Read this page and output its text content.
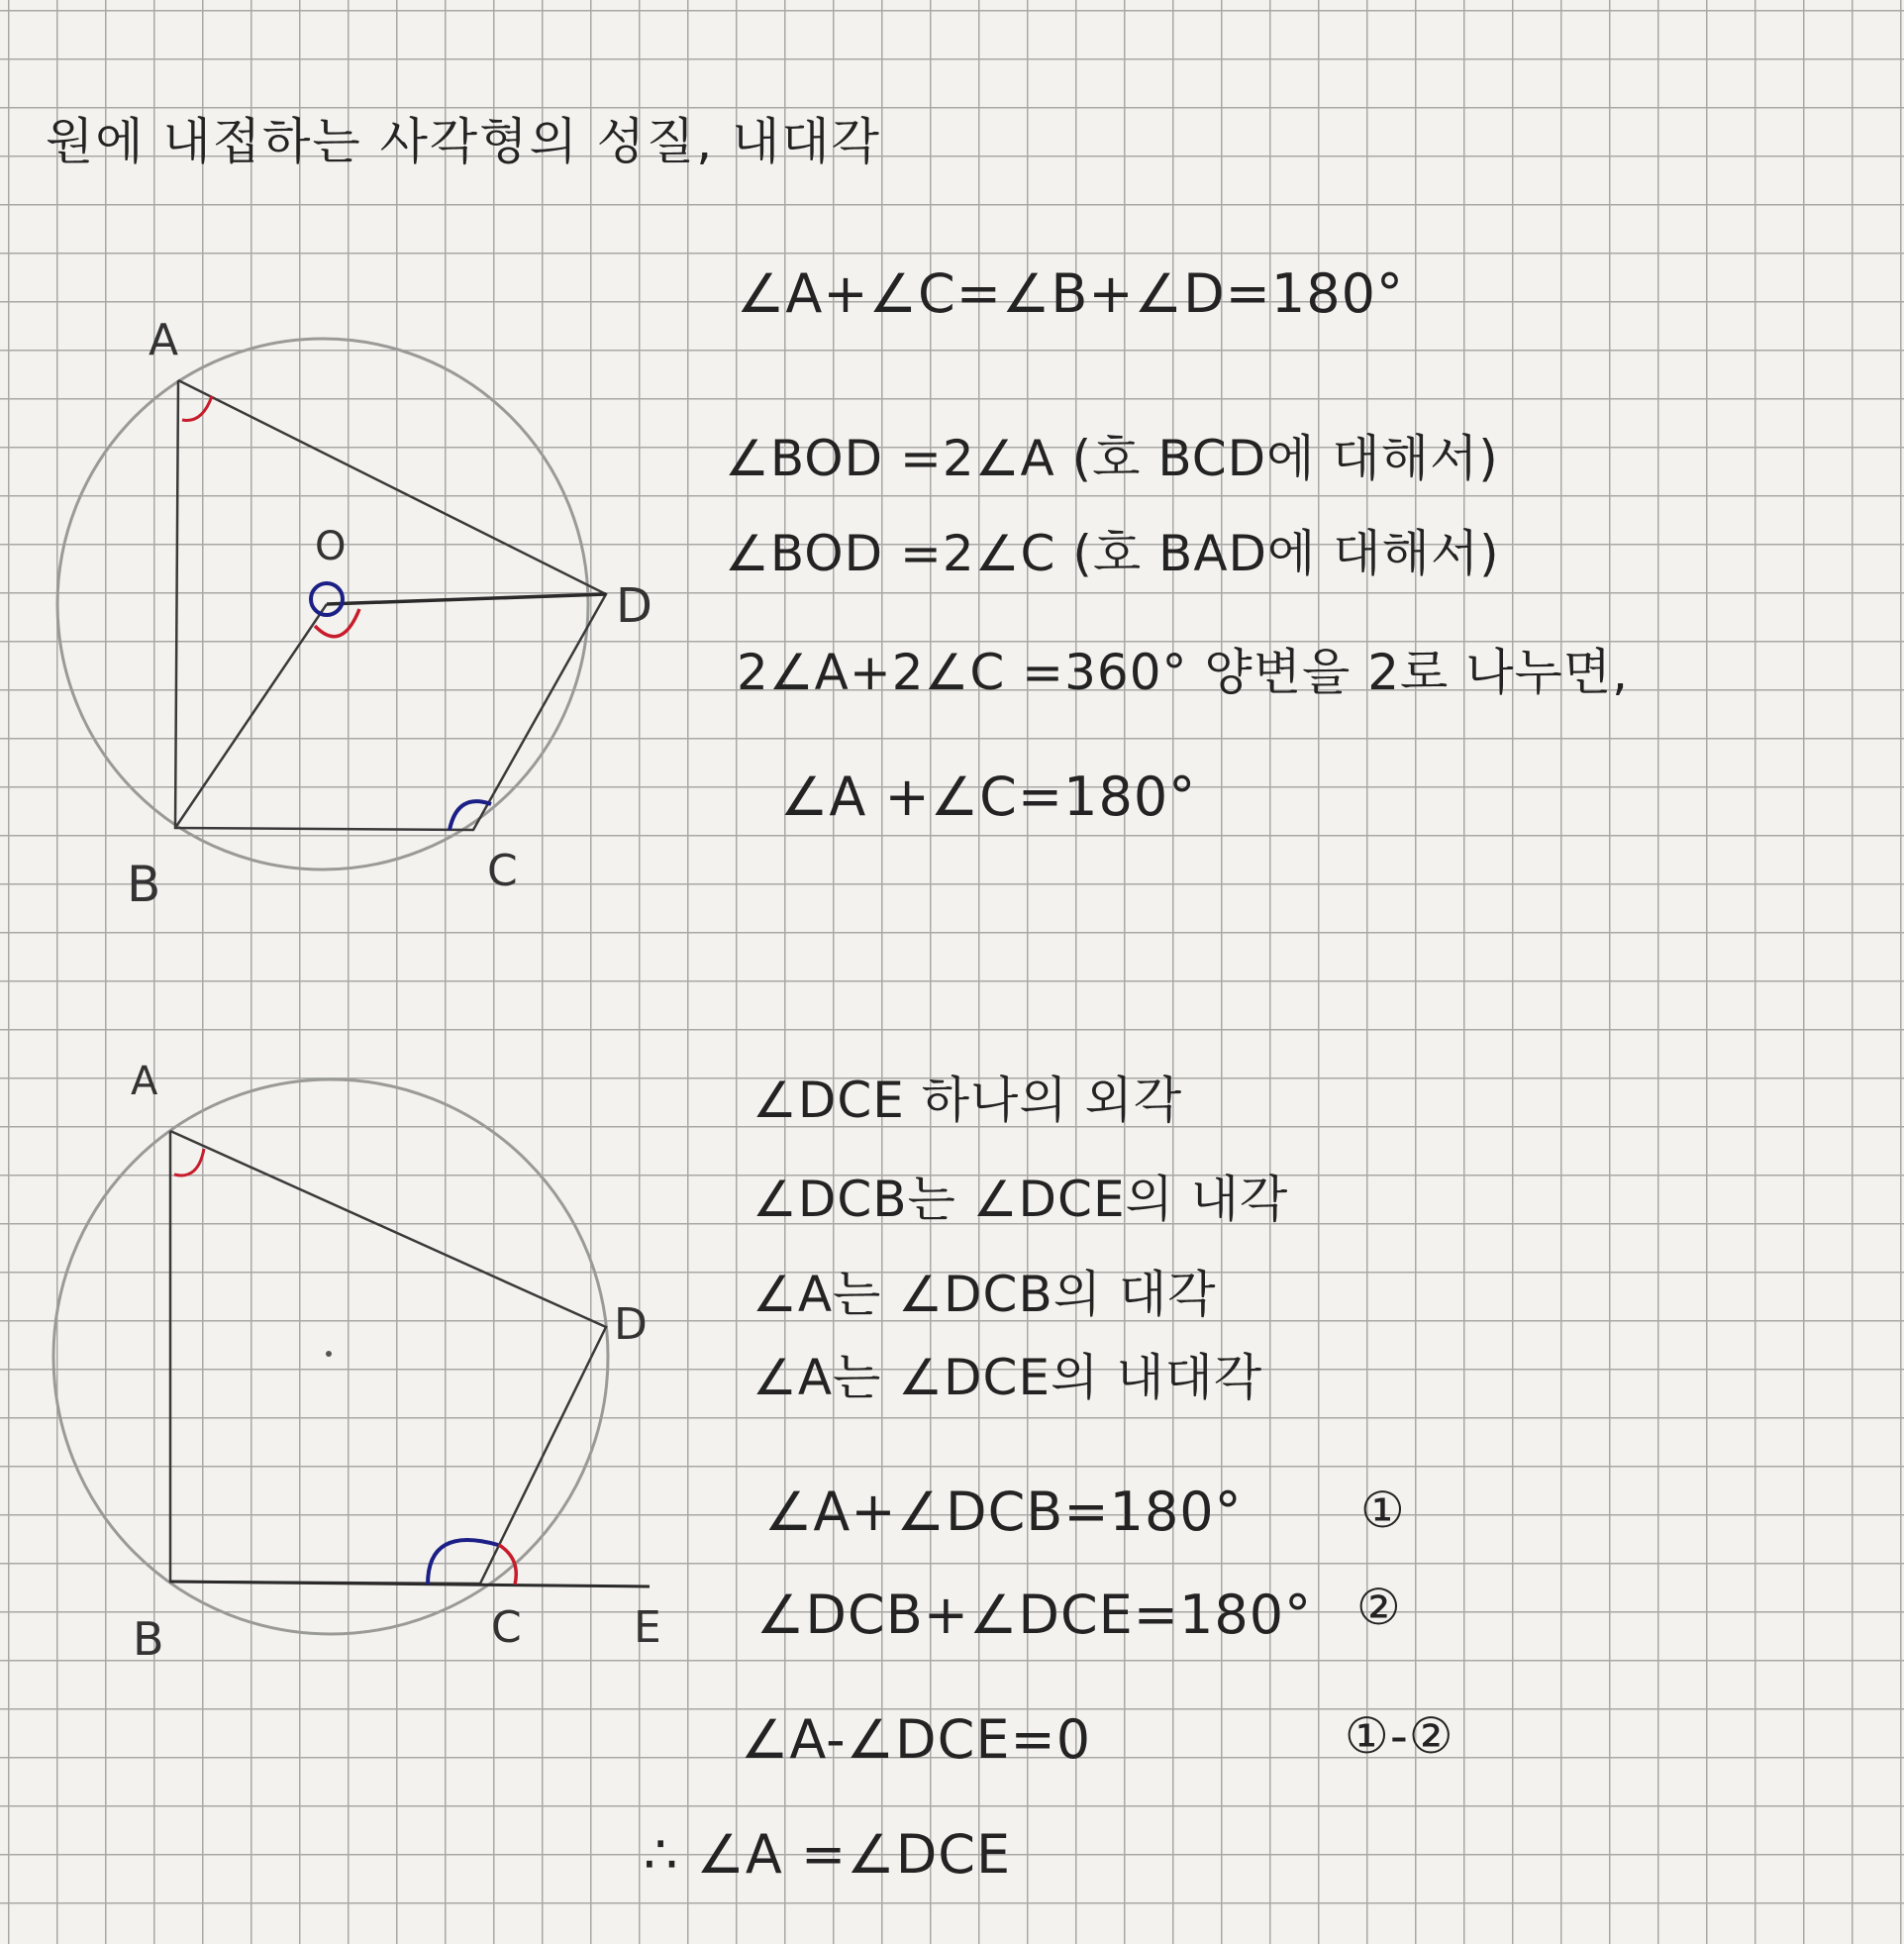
원에 내접하는 사각형의 성질, 내대각
A
O
D
B	C
A
D
B	C	E
∠A+∠C=∠B+∠D=180°
∠BOD =2∠A (호 BCD에 대해서)
∠BOD =2∠C (호 BAD에 대해서)
2∠A+2∠C =360° 양변을 2로 나누면,
∠A +∠C=180°
∠DCE 하나의 외각
∠DCB는 ∠DCE의 내각
∠A는 ∠DCB의 대각
∠A는 ∠DCE의 내대각
∠A+∠DCB=180°
∠DCB+∠DCE=180°
∠A-∠DCE=0
∴ ∠A =∠DCE
①
②
①-②
